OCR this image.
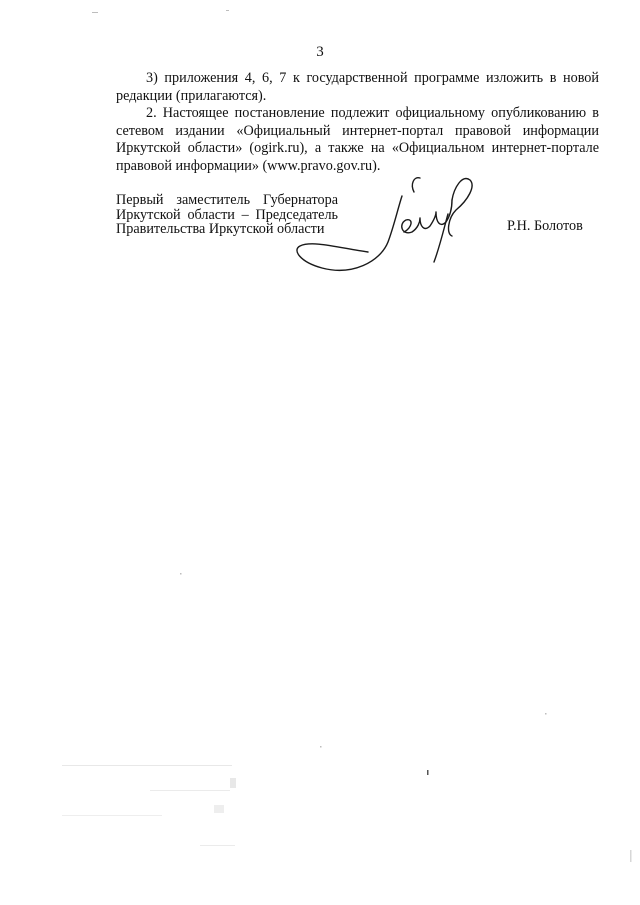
3

3) приложения 4, 6, 7 к государственной программе изложить в новой редакции (прилагаются).

2. Настоящее постановление подлежит официальному опубликованию в сетевом издании «Официальный интернет-портал правовой информации Иркутской области» (ogirk.ru), а также на «Официальном интернет-портале правовой информации» (www.pravo.gov.ru).

Первый заместитель Губернатора
Иркутской области – Председатель
Правительства Иркутской области	Р.Н. Болотов
